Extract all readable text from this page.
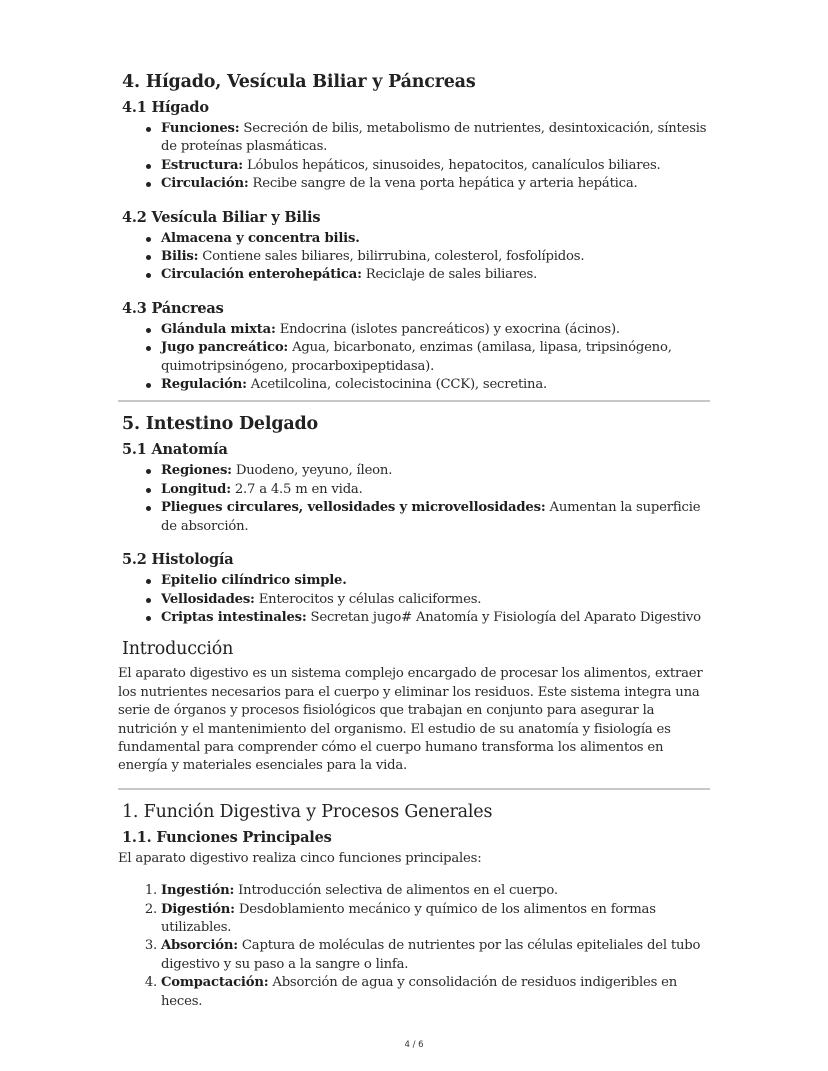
4. Hígado, Vesícula Biliar y Páncreas
4.1 Hígado
Funciones: Secreción de bilis, metabolismo de nutrientes, desintoxicación, síntesis de proteínas plasmáticas.
Estructura: Lóbulos hepáticos, sinusoides, hepatocitos, canalículos biliares.
Circulación: Recibe sangre de la vena porta hepática y arteria hepática.
4.2 Vesícula Biliar y Bilis
Almacena y concentra bilis.
Bilis: Contiene sales biliares, bilirrubina, colesterol, fosfolípidos.
Circulación enterohepática: Reciclaje de sales biliares.
4.3 Páncreas
Glándula mixta: Endocrina (islotes pancreáticos) y exocrina (ácinos).
Jugo pancreático: Agua, bicarbonato, enzimas (amilasa, lipasa, tripsinógeno, quimotripsinógeno, procarboxipeptidasa).
Regulación: Acetilcolina, colecistocinina (CCK), secretina.
5. Intestino Delgado
5.1 Anatomía
Regiones: Duodeno, yeyuno, íleon.
Longitud: 2.7 a 4.5 m en vida.
Pliegues circulares, vellosidades y microvellosidades: Aumentan la superficie de absorción.
5.2 Histología
Epitelio cilíndrico simple.
Vellosidades: Enterocitos y células caliciformes.
Criptas intestinales: Secretan jugo# Anatomía y Fisiología del Aparato Digestivo
Introducción

El aparato digestivo es un sistema complejo encargado de procesar los alimentos, extraer los nutrientes necesarios para el cuerpo y eliminar los residuos. Este sistema integra una serie de órganos y procesos fisiológicos que trabajan en conjunto para asegurar la nutrición y el mantenimiento del organismo. El estudio de su anatomía y fisiología es fundamental para comprender cómo el cuerpo humano transforma los alimentos en energía y materiales esenciales para la vida.

1. Función Digestiva y Procesos Generales
1.1. Funciones Principales

El aparato digestivo realiza cinco funciones principales:

1. Ingestión: Introducción selectiva de alimentos en el cuerpo.
2. Digestión: Desdoblamiento mecánico y químico de los alimentos en formas utilizables.
3. Absorción: Captura de moléculas de nutrientes por las células epiteliales del tubo digestivo y su paso a la sangre o linfa.
4. Compactación: Absorción de agua y consolidación de residuos indigeribles en heces.
4 / 6
